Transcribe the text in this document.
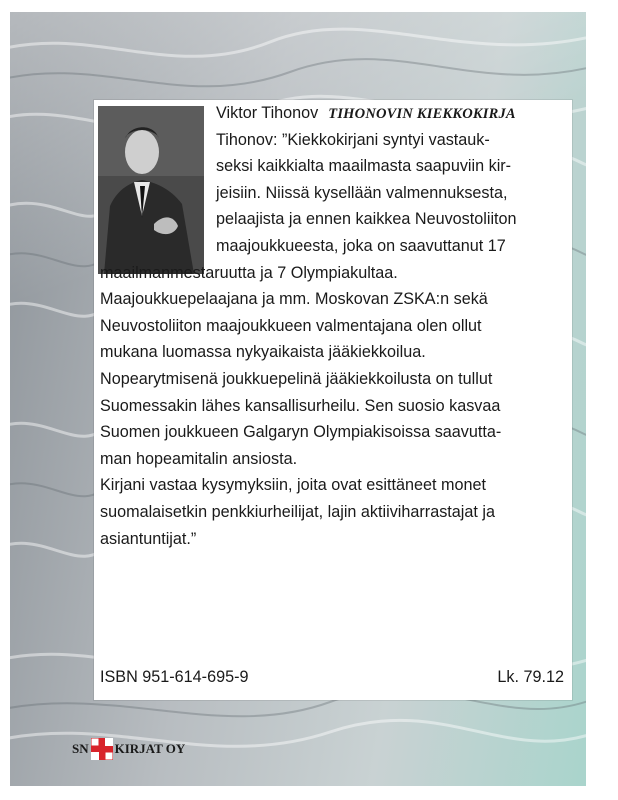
Viktor Tihonov TIHONOVIN KIEKKOKIRJA
Tihonov: ”Kiekkokirjani syntyi vastauk-
seksi kaikkialta maailmasta saapuviin kir-
jeisiin. Niissä kysellään valmennuksesta,
pelaajista ja ennen kaikkea Neuvostoliiton
maajoukkueesta, joka on saavuttanut 17
maailmanmestaruutta ja 7 Olympiakultaa.
Maajoukkuepelaajana ja mm. Moskovan ZSKA:n sekä
Neuvostoliiton maajoukkueen valmentajana olen ollut
mukana luomassa nykyaikaista jääkiekkoilua.
Nopearytmisenä joukkuepelinä jääkiekkoilusta on tullut
Suomessakin lähes kansallisurheilu. Sen suosio kasvaa
Suomen joukkueen Galgaryn Olympiakisoissa saavutta-
man hopeamitalin ansiosta.
Kirjani vastaa kysymyksiin, joita ovat esittäneet monet
suomalaisetkin penkkiurheilijat, lajin aktiiviharrastajat ja
asiantuntijat.”
ISBN 951-614-695-9	Lk. 79.12
SN KIRJAT OY
